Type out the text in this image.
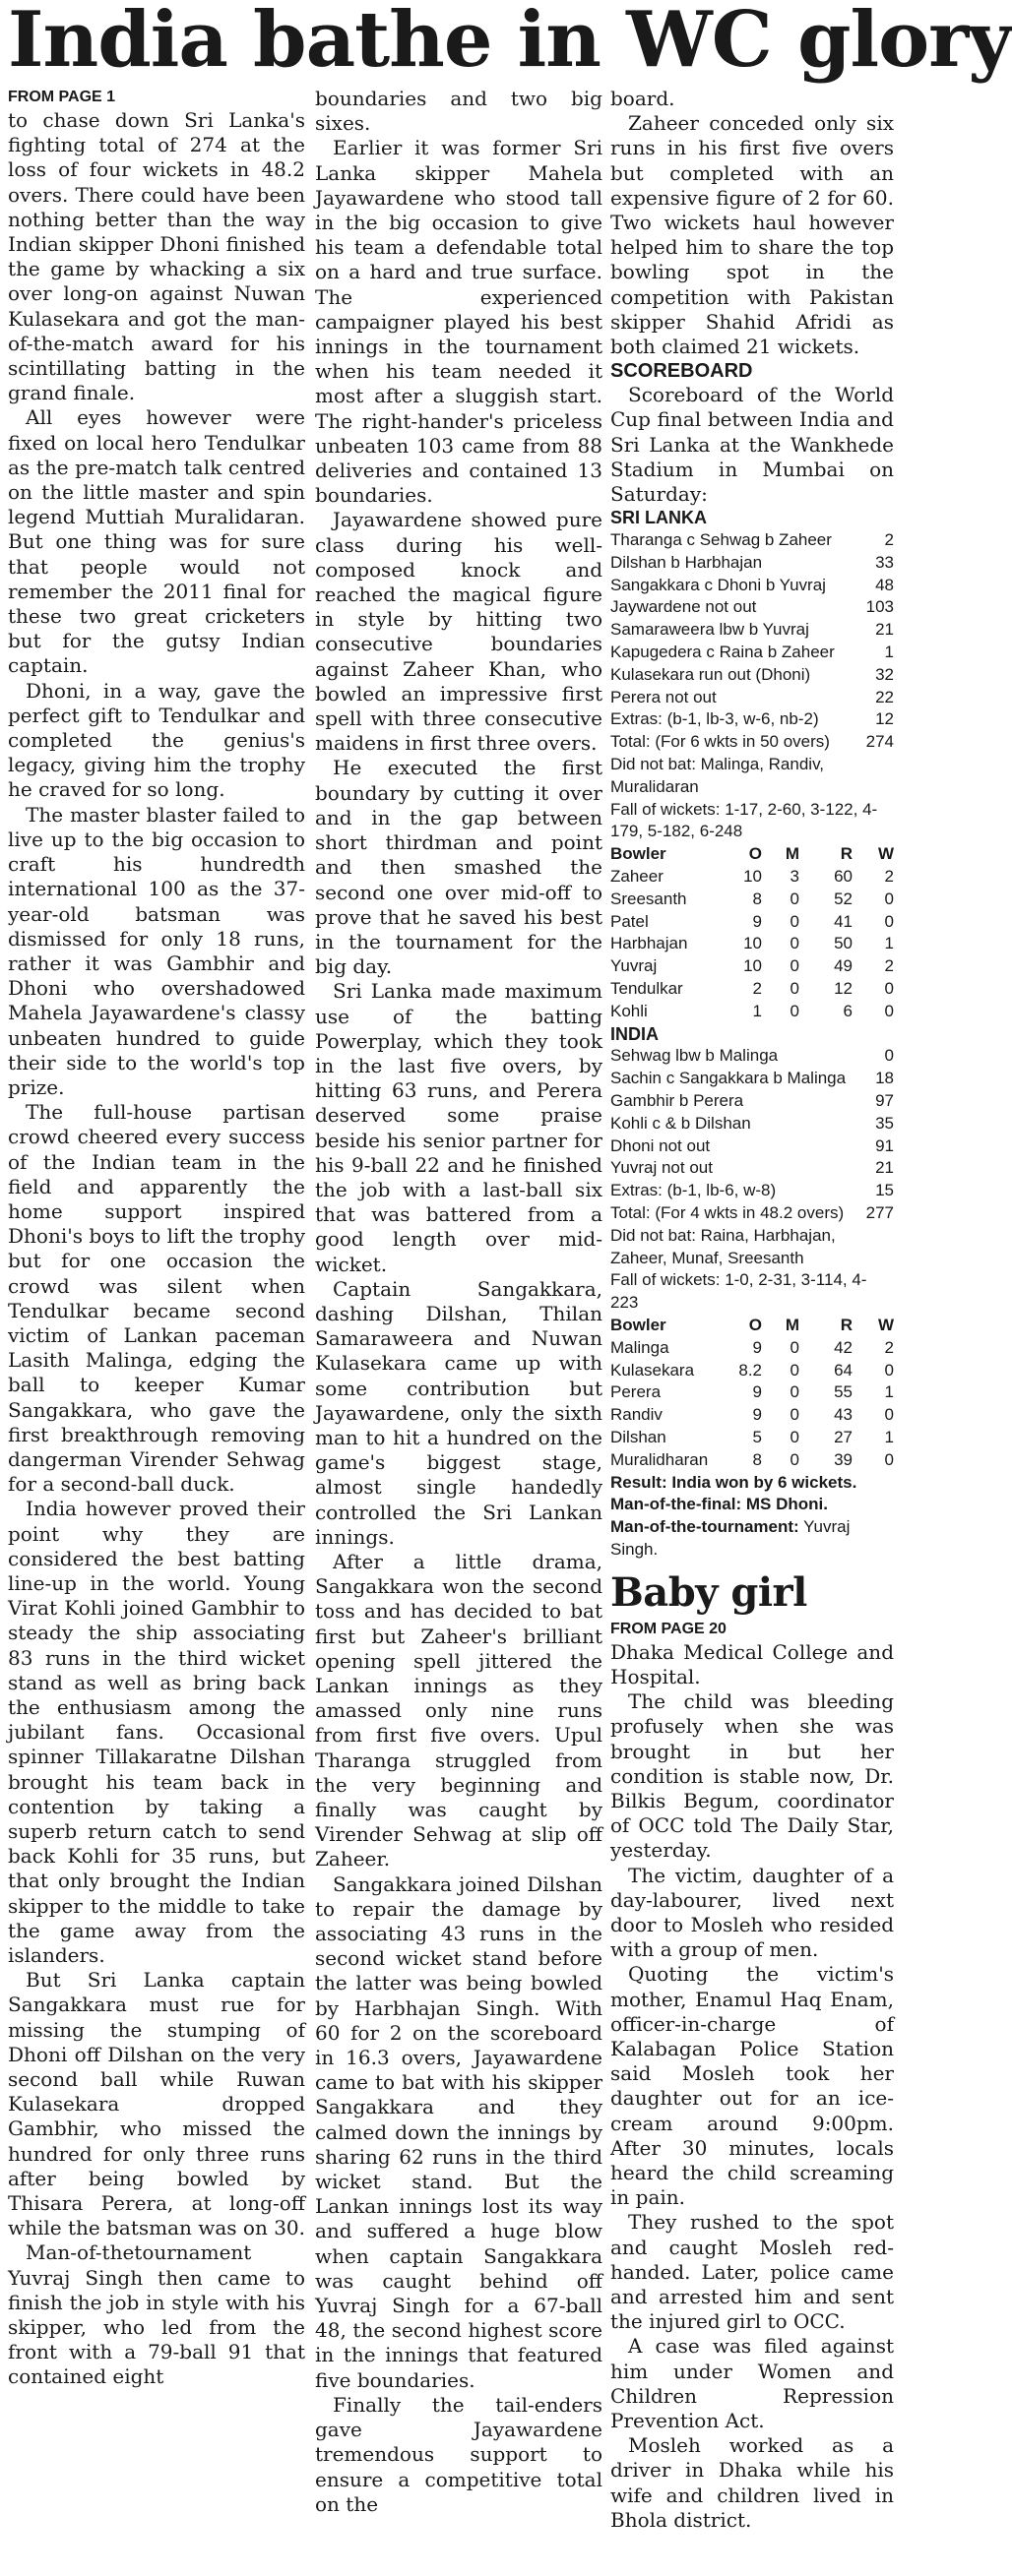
India bathe in WC glory
FROM PAGE 1

to chase down Sri Lanka's fighting total of 274 at the loss of four wickets in 48.2 overs. There could have been nothing better than the way Indian skipper Dhoni finished the game by whacking a six over long-on against Nuwan Kulasekara and got the man-of-the-match award for his scintillating batting in the grand finale.

All eyes however were fixed on local hero Tendulkar as the pre-match talk centred on the little master and spin legend Muttiah Muralidaran. But one thing was for sure that people would not remember the 2011 final for these two great cricketers but for the gutsy Indian captain.

Dhoni, in a way, gave the perfect gift to Tendulkar and completed the genius's legacy, giving him the trophy he craved for so long.

The master blaster failed to live up to the big occasion to craft his hundredth international 100 as the 37-year-old batsman was dismissed for only 18 runs, rather it was Gambhir and Dhoni who overshadowed Mahela Jayawardene's classy unbeaten hundred to guide their side to the world's top prize.

The full-house partisan crowd cheered every success of the Indian team in the field and apparently the home support inspired Dhoni's boys to lift the trophy but for one occasion the crowd was silent when Tendulkar became second victim of Lankan paceman Lasith Malinga, edging the ball to keeper Kumar Sangakkara, who gave the first breakthrough removing dangerman Virender Sehwag for a second-ball duck.

India however proved their point why they are considered the best batting line-up in the world. Young Virat Kohli joined Gambhir to steady the ship associating 83 runs in the third wicket stand as well as bring back the enthusiasm among the jubilant fans. Occasional spinner Tillakaratne Dilshan brought his team back in contention by taking a superb return catch to send back Kohli for 35 runs, but that only brought the Indian skipper to the middle to take the game away from the islanders.

But Sri Lanka captain Sangakkara must rue for missing the stumping of Dhoni off Dilshan on the very second ball while Ruwan Kulasekara dropped Gambhir, who missed the hundred for only three runs after being bowled by Thisara Perera, at long-off while the batsman was on 30.

Man-of-thetournament Yuvraj Singh then came to finish the job in style with his skipper, who led from the front with a 79-ball 91 that contained eight

boundaries and two big sixes.

Earlier it was former Sri Lanka skipper Mahela Jayawardene who stood tall in the big occasion to give his team a defendable total on a hard and true surface. The experienced campaigner played his best innings in the tournament when his team needed it most after a sluggish start. The right-hander's priceless unbeaten 103 came from 88 deliveries and contained 13 boundaries.

Jayawardene showed pure class during his well-composed knock and reached the magical figure in style by hitting two consecutive boundaries against Zaheer Khan, who bowled an impressive first spell with three consecutive maidens in first three overs.

He executed the first boundary by cutting it over and in the gap between short thirdman and point and then smashed the second one over mid-off to prove that he saved his best in the tournament for the big day.

Sri Lanka made maximum use of the batting Powerplay, which they took in the last five overs, by hitting 63 runs, and Perera deserved some praise beside his senior partner for his 9-ball 22 and he finished the job with a last-ball six that was battered from a good length over mid-wicket.

Captain Sangakkara, dashing Dilshan, Thilan Samaraweera and Nuwan Kulasekara came up with some contribution but Jayawardene, only the sixth man to hit a hundred on the game's biggest stage, almost single handedly controlled the Sri Lankan innings.

After a little drama, Sangakkara won the second toss and has decided to bat first but Zaheer's brilliant opening spell jittered the Lankan innings as they amassed only nine runs from first five overs. Upul Tharanga struggled from the very beginning and finally was caught by Virender Sehwag at slip off Zaheer.

Sangakkara joined Dilshan to repair the damage by associating 43 runs in the second wicket stand before the latter was being bowled by Harbhajan Singh. With 60 for 2 on the scoreboard in 16.3 overs, Jayawardene came to bat with his skipper Sangakkara and they calmed down the innings by sharing 62 runs in the third wicket stand. But the Lankan innings lost its way and suffered a huge blow when captain Sangakkara was caught behind off Yuvraj Singh for a 67-ball 48, the second highest score in the innings that featured five boundaries.

Finally the tail-enders gave Jayawardene tremendous support to ensure a competitive total on the

board.

Zaheer conceded only six runs in his first five overs but completed with an expensive figure of 2 for 60. Two wickets haul however helped him to share the top bowling spot in the competition with Pakistan skipper Shahid Afridi as both claimed 21 wickets.

SCOREBOARD

Scoreboard of the World Cup final between India and Sri Lanka at the Wankhede Stadium in Mumbai on Saturday:

SRI LANKA
Tharanga c Sehwag b Zaheer	2
Dilshan b Harbhajan	33
Sangakkara c Dhoni b Yuvraj	48
Jaywardene not out	103
Samaraweera lbw b Yuvraj	21
Kapugedera c Raina b Zaheer	1
Kulasekara run out (Dhoni)	32
Perera not out	22
Extras: (b-1, lb-3, w-6, nb-2)	12
Total: (For 6 wkts in 50 overs)	274
Did not bat: Malinga, Randiv, Muralidaran
Fall of wickets: 1-17, 2-60, 3-122, 4-179, 5-182, 6-248
Bowler	O	M	R	W
Zaheer	10	3	60	2
Sreesanth	8	0	52	0
Patel	9	0	41	0
Harbhajan	10	0	50	1
Yuvraj	10	0	49	2
Tendulkar	2	0	12	0
Kohli	1	0	6	0
INDIA
Sehwag lbw b Malinga	0
Sachin c Sangakkara b Malinga	18
Gambhir b Perera	97
Kohli c & b Dilshan	35
Dhoni not out	91
Yuvraj not out	21
Extras: (b-1, lb-6, w-8)	15
Total: (For 4 wkts in 48.2 overs)	277
Did not bat: Raina, Harbhajan, Zaheer, Munaf, Sreesanth
Fall of wickets: 1-0, 2-31, 3-114, 4-223
Bowler	O	M	R	W
Malinga	9	0	42	2
Kulasekara	8.2	0	64	0
Perera	9	0	55	1
Randiv	9	0	43	0
Dilshan	5	0	27	1
Muralidharan	8	0	39	0
Result: India won by 6 wickets.
Man-of-the-final: MS Dhoni.
Man-of-the-tournament: Yuvraj Singh.
Baby girl
FROM PAGE 20

Dhaka Medical College and Hospital.

The child was bleeding profusely when she was brought in but her condition is stable now, Dr. Bilkis Begum, coordinator of OCC told The Daily Star, yesterday.

The victim, daughter of a day-labourer, lived next door to Mosleh who resided with a group of men.

Quoting the victim's mother, Enamul Haq Enam, officer-in-charge of Kalabagan Police Station said Mosleh took her daughter out for an ice-cream around 9:00pm. After 30 minutes, locals heard the child screaming in pain.

They rushed to the spot and caught Mosleh red-handed. Later, police came and arrested him and sent the injured girl to OCC.

A case was filed against him under Women and Children Repression Prevention Act.

Mosleh worked as a driver in Dhaka while his wife and children lived in Bhola district.
